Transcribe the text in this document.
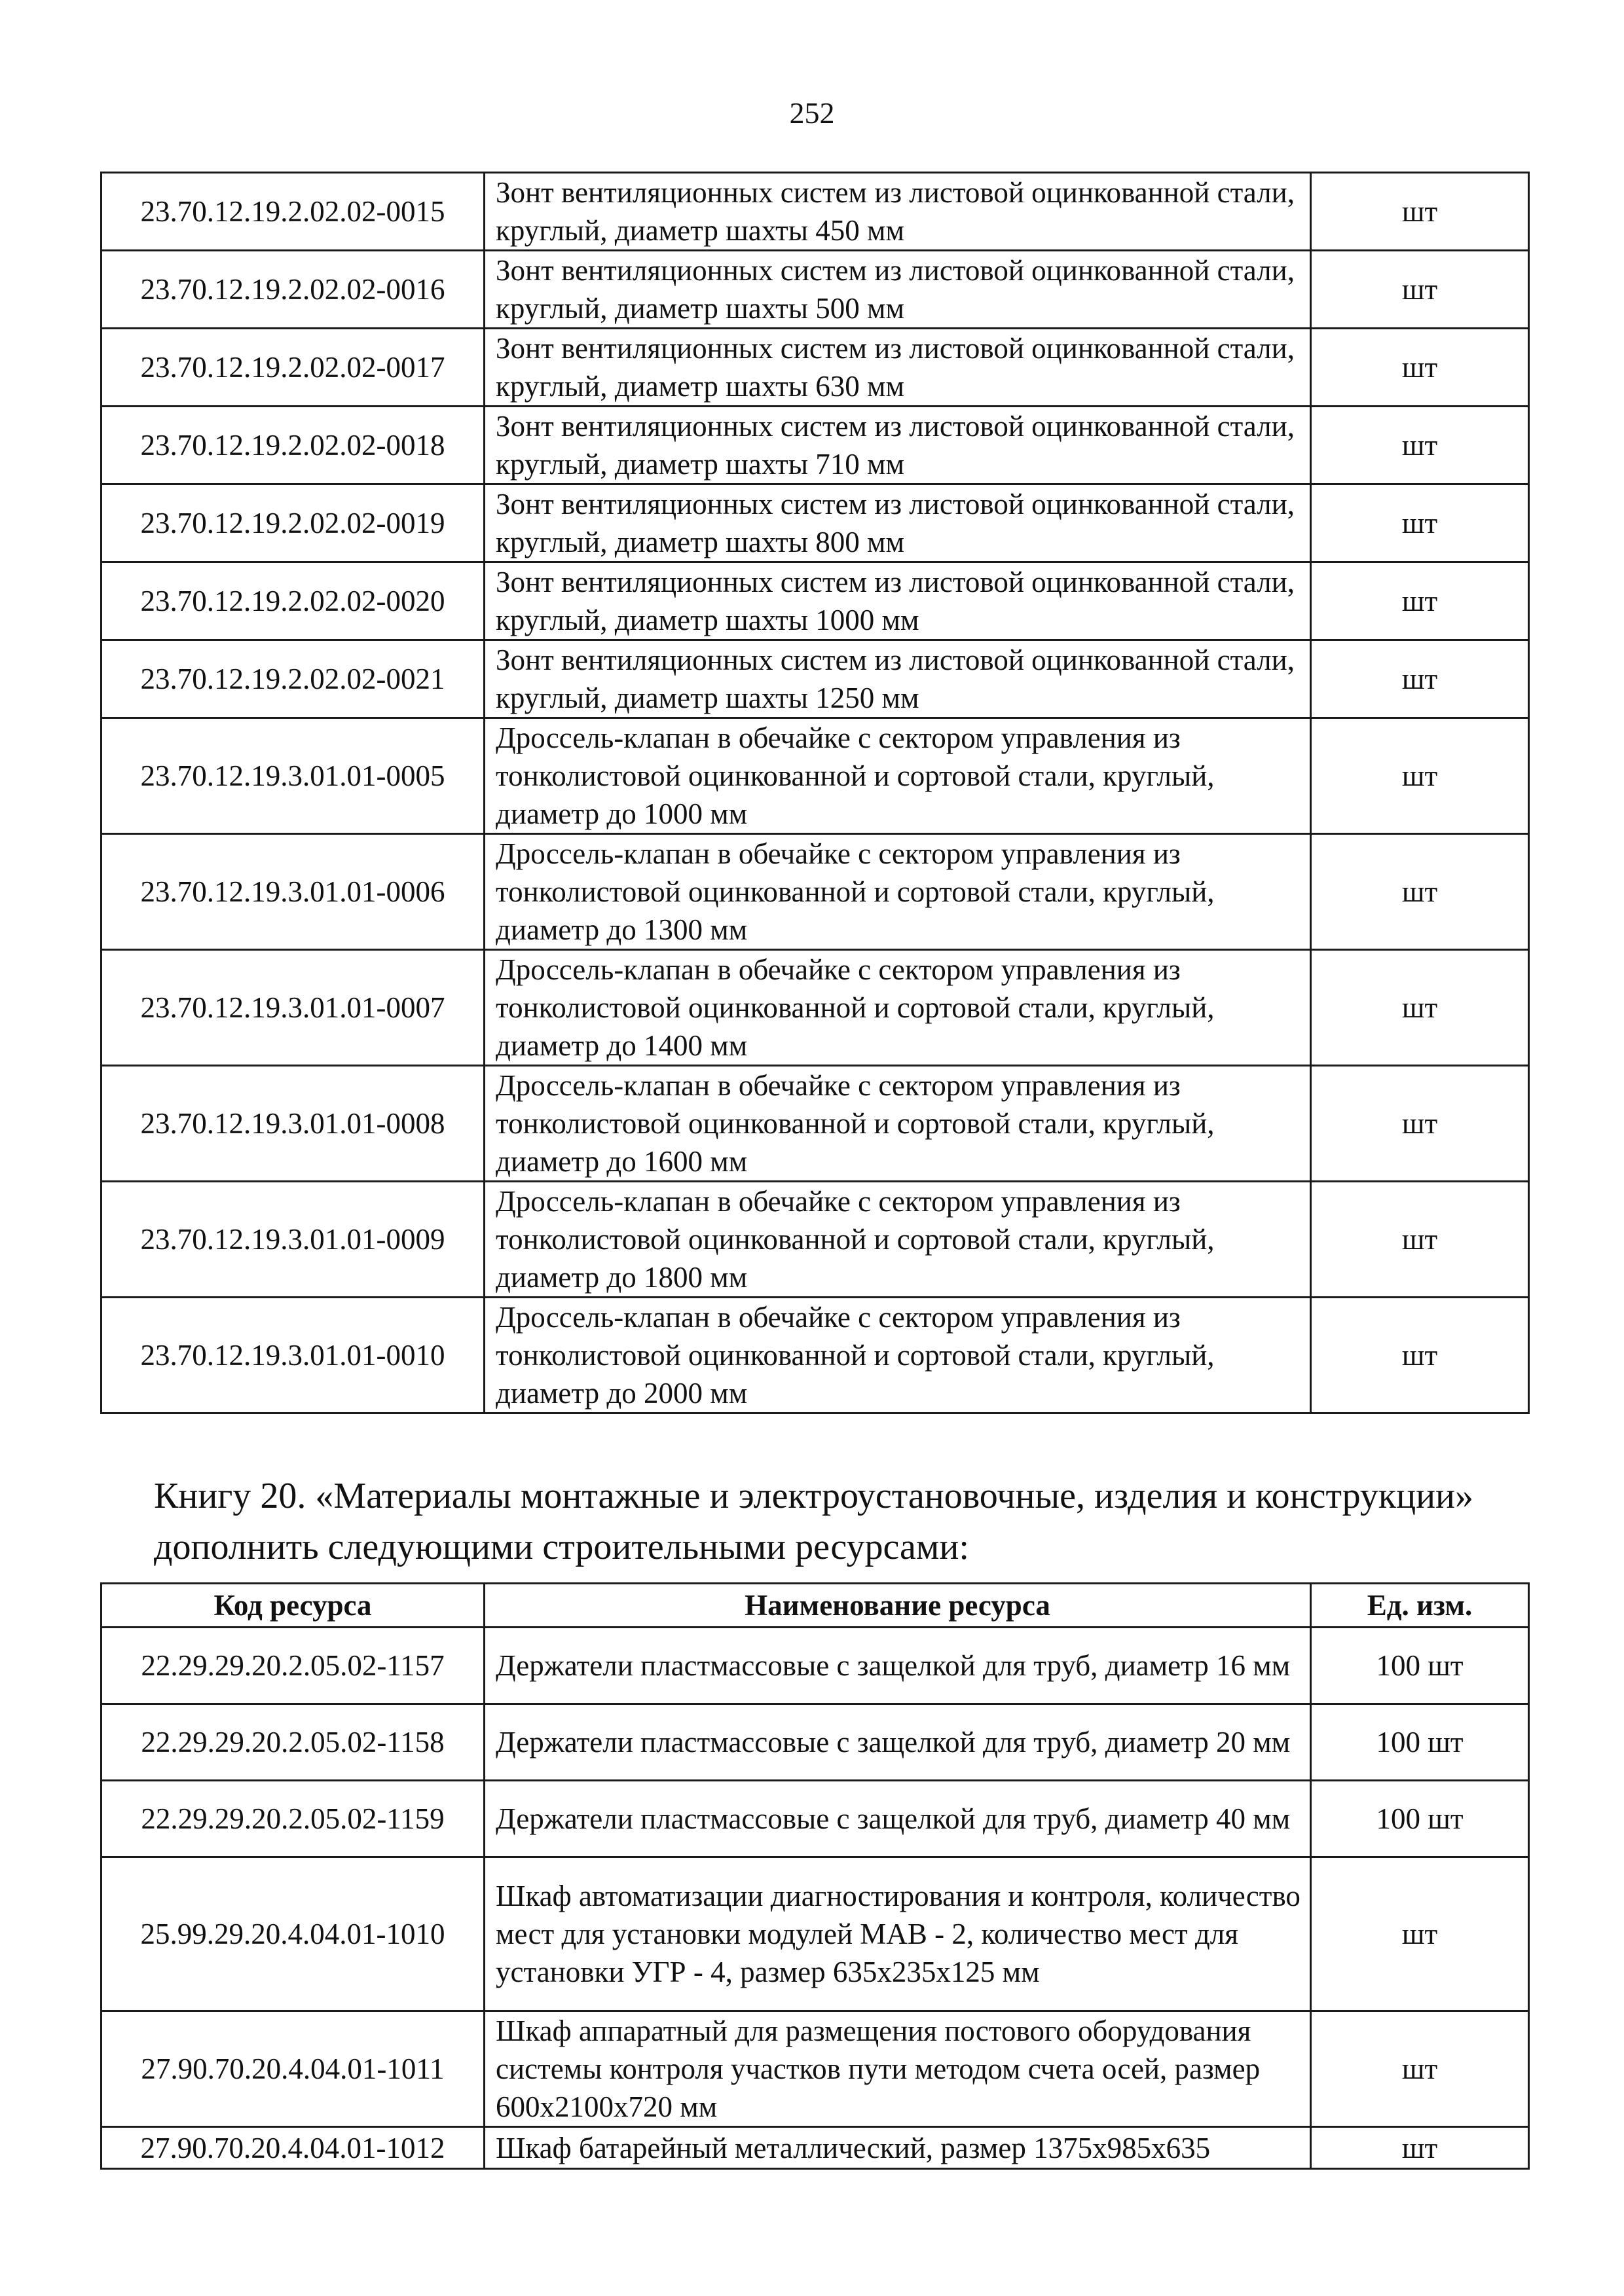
252
23.70.12.19.2.02.02-0015	Зонт вентиляционных систем из листовой оцинкованной стали, круглый, диаметр шахты 450 мм	шт
23.70.12.19.2.02.02-0016	Зонт вентиляционных систем из листовой оцинкованной стали, круглый, диаметр шахты 500 мм	шт
23.70.12.19.2.02.02-0017	Зонт вентиляционных систем из листовой оцинкованной стали, круглый, диаметр шахты 630 мм	шт
23.70.12.19.2.02.02-0018	Зонт вентиляционных систем из листовой оцинкованной стали, круглый, диаметр шахты 710 мм	шт
23.70.12.19.2.02.02-0019	Зонт вентиляционных систем из листовой оцинкованной стали, круглый, диаметр шахты 800 мм	шт
23.70.12.19.2.02.02-0020	Зонт вентиляционных систем из листовой оцинкованной стали, круглый, диаметр шахты 1000 мм	шт
23.70.12.19.2.02.02-0021	Зонт вентиляционных систем из листовой оцинкованной стали, круглый, диаметр шахты 1250 мм	шт
23.70.12.19.3.01.01-0005	Дроссель-клапан в обечайке с сектором управления из тонколистовой оцинкованной и сортовой стали, круглый, диаметр до 1000 мм	шт
23.70.12.19.3.01.01-0006	Дроссель-клапан в обечайке с сектором управления из тонколистовой оцинкованной и сортовой стали, круглый, диаметр до 1300 мм	шт
23.70.12.19.3.01.01-0007	Дроссель-клапан в обечайке с сектором управления из тонколистовой оцинкованной и сортовой стали, круглый, диаметр до 1400 мм	шт
23.70.12.19.3.01.01-0008	Дроссель-клапан в обечайке с сектором управления из тонколистовой оцинкованной и сортовой стали, круглый, диаметр до 1600 мм	шт
23.70.12.19.3.01.01-0009	Дроссель-клапан в обечайке с сектором управления из тонколистовой оцинкованной и сортовой стали, круглый, диаметр до 1800 мм	шт
23.70.12.19.3.01.01-0010	Дроссель-клапан в обечайке с сектором управления из тонколистовой оцинкованной и сортовой стали, круглый, диаметр до 2000 мм	шт

Книгу 20. «Материалы монтажные и электроустановочные, изделия и конструкции» дополнить следующими строительными ресурсами:

Код ресурса	Наименование ресурса	Ед. изм.
22.29.29.20.2.05.02-1157	Держатели пластмассовые с защелкой для труб, диаметр 16 мм	100 шт
22.29.29.20.2.05.02-1158	Держатели пластмассовые с защелкой для труб, диаметр 20 мм	100 шт
22.29.29.20.2.05.02-1159	Держатели пластмассовые с защелкой для труб, диаметр 40 мм	100 шт
25.99.29.20.4.04.01-1010	Шкаф автоматизации диагностирования и контроля, количество мест для установки модулей МАВ - 2, количество мест для установки УГР - 4, размер 635х235х125 мм	шт
27.90.70.20.4.04.01-1011	Шкаф аппаратный для размещения постового оборудования системы контроля участков пути методом счета осей, размер 600х2100х720 мм	шт
27.90.70.20.4.04.01-1012	Шкаф батарейный металлический, размер 1375х985х635	шт
